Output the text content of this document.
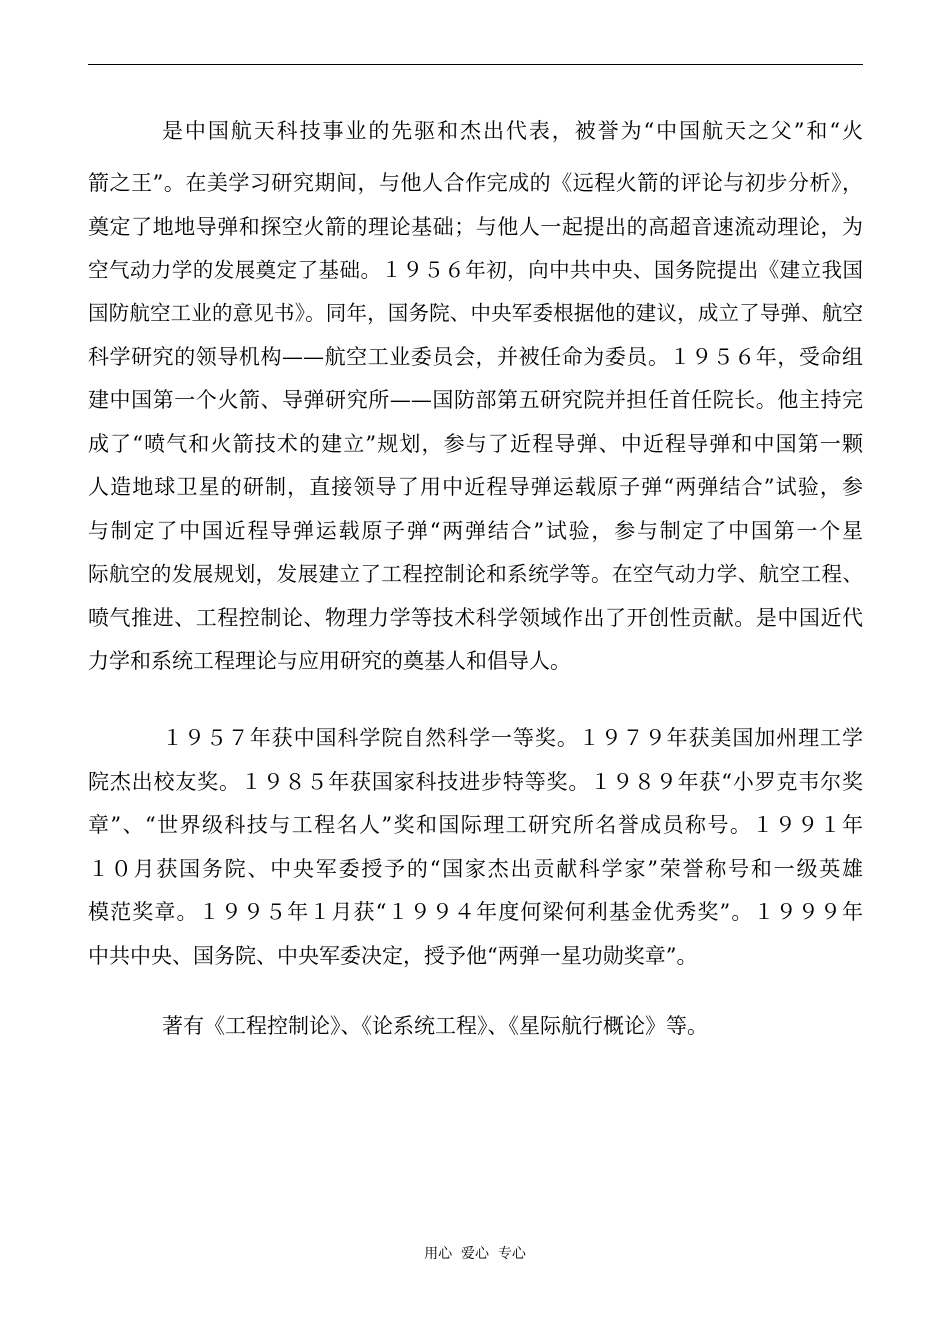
是中国航天科技事业的先驱和杰出代表，被誉为“中国航天之父”和“火
箭之王”。在美学习研究期间，与他人合作完成的《远程火箭的评论与初步分析》，
奠定了地地导弹和探空火箭的理论基础；与他人一起提出的高超音速流动理论，为
空气动力学的发展奠定了基础。１９５６年初，向中共中央、国务院提出《建立我国
国防航空工业的意见书》。同年，国务院、中央军委根据他的建议，成立了导弹、航空
科学研究的领导机构——航空工业委员会，并被任命为委员。１９５６年，受命组
建中国第一个火箭、导弹研究所——国防部第五研究院并担任首任院长。他主持完
成了“喷气和火箭技术的建立”规划，参与了近程导弹、中近程导弹和中国第一颗
人造地球卫星的研制，直接领导了用中近程导弹运载原子弹“两弹结合”试验，参
与制定了中国近程导弹运载原子弹“两弹结合”试验，参与制定了中国第一个星
际航空的发展规划，发展建立了工程控制论和系统学等。在空气动力学、航空工程、
喷气推进、工程控制论、物理力学等技术科学领域作出了开创性贡献。是中国近代
力学和系统工程理论与应用研究的奠基人和倡导人。
１９５７年获中国科学院自然科学一等奖。１９７９年获美国加州理工学
院杰出校友奖。１９８５年获国家科技进步特等奖。１９８９年获“小罗克韦尔奖
章”、“世界级科技与工程名人”奖和国际理工研究所名誉成员称号。１９９１年
１０月获国务院、中央军委授予的“国家杰出贡献科学家”荣誉称号和一级英雄
模范奖章。１９９５年１月获“１９９４年度何梁何利基金优秀奖”。１９９９年
中共中央、国务院、中央军委决定，授予他“两弹一星功勋奖章”。
著有《工程控制论》、《论系统工程》、《星际航行概论》等。
用心  爱心  专心
